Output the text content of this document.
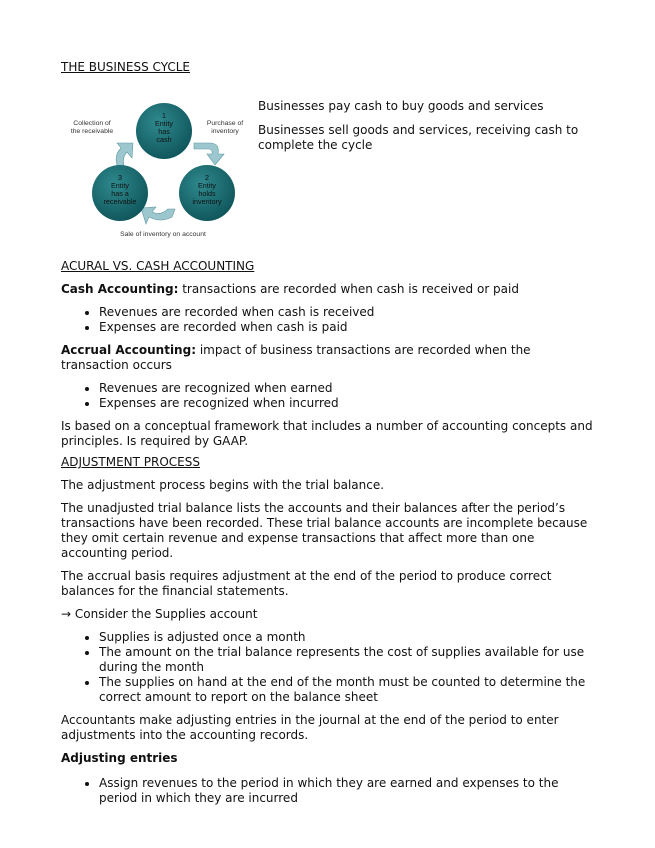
THE BUSINESS CYCLE
1
Entity
has
cash
2
Entity
holds
inventory
3
Entity
has a
receivable
Collection of
the receivable
Purchase of
inventory
Sale of inventory on account

Businesses pay cash to buy goods and services

Businesses sell goods and services, receiving cash to complete the cycle

ACURAL VS. CASH ACCOUNTING

Cash Accounting: transactions are recorded when cash is received or paid

• Revenues are recorded when cash is received
• Expenses are recorded when cash is paid

Accrual Accounting: impact of business transactions are recorded when the transaction occurs

• Revenues are recognized when earned
• Expenses are recognized when incurred

Is based on a conceptual framework that includes a number of accounting concepts and principles. Is required by GAAP.

ADJUSTMENT PROCESS

The adjustment process begins with the trial balance.

The unadjusted trial balance lists the accounts and their balances after the period’s transactions have been recorded. These trial balance accounts are incomplete because they omit certain revenue and expense transactions that affect more than one accounting period.

The accrual basis requires adjustment at the end of the period to produce correct balances for the financial statements.

→ Consider the Supplies account

• Supplies is adjusted once a month
• The amount on the trial balance represents the cost of supplies available for use during the month
• The supplies on hand at the end of the month must be counted to determine the correct amount to report on the balance sheet

Accountants make adjusting entries in the journal at the end of the period to enter adjustments into the accounting records.

Adjusting entries

• Assign revenues to the period in which they are earned and expenses to the period in which they are incurred
